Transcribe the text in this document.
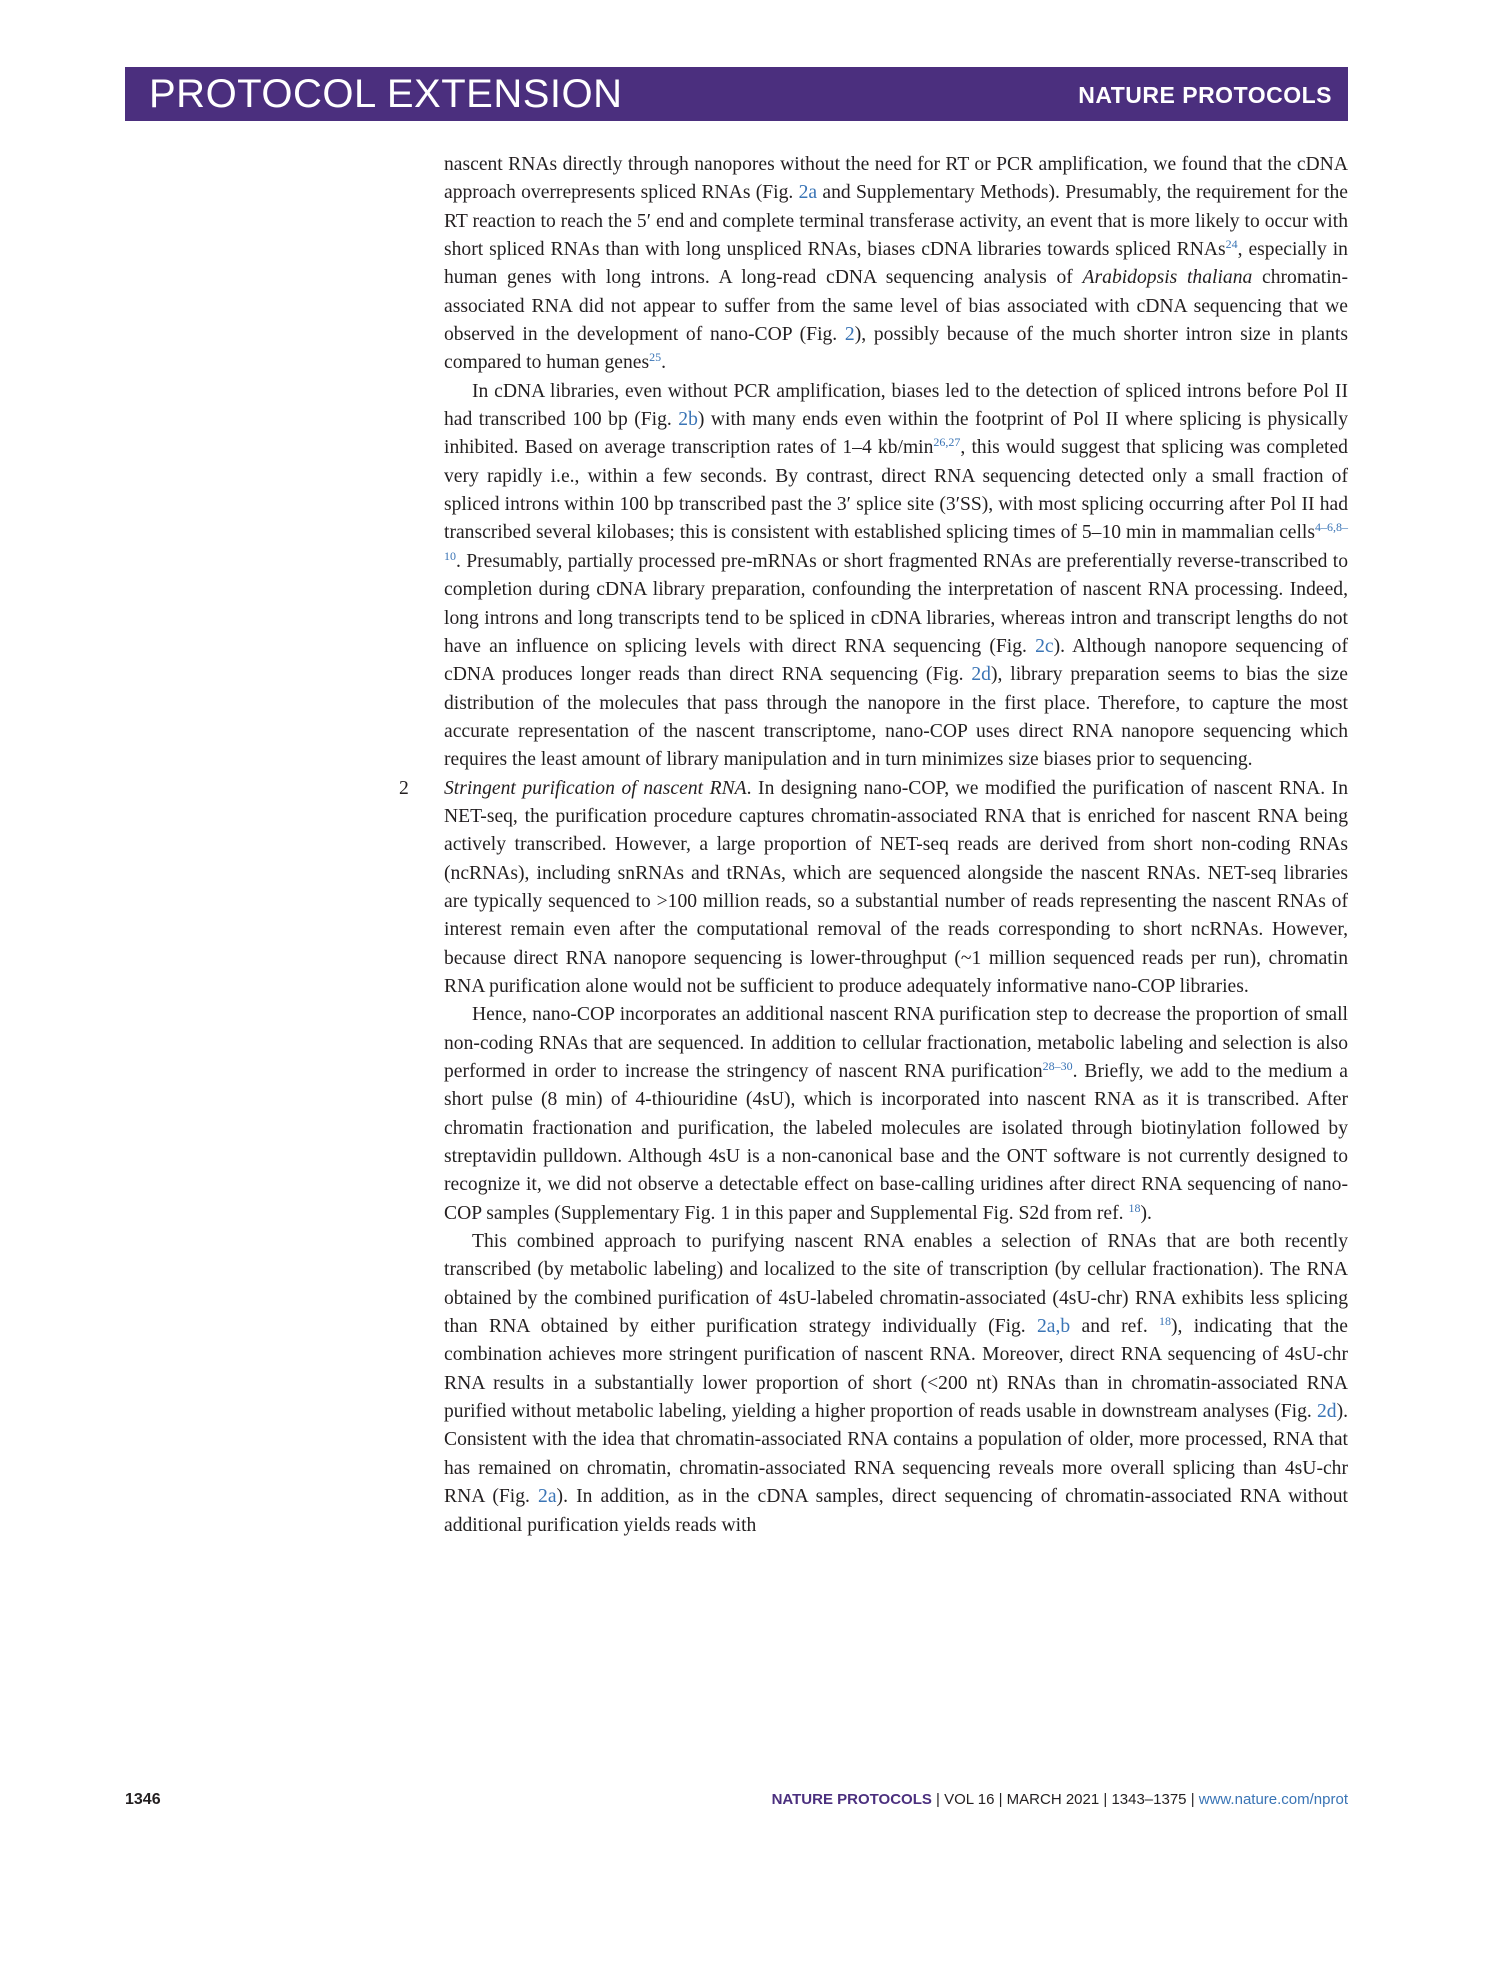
PROTOCOL EXTENSION	NATURE PROTOCOLS

nascent RNAs directly through nanopores without the need for RT or PCR amplification, we found that the cDNA approach overrepresents spliced RNAs (Fig. 2a and Supplementary Methods). Presumably, the requirement for the RT reaction to reach the 5′ end and complete terminal transferase activity, an event that is more likely to occur with short spliced RNAs than with long unspliced RNAs, biases cDNA libraries towards spliced RNAs$^{24}$, especially in human genes with long introns. A long-read cDNA sequencing analysis of Arabidopsis thaliana chromatin-associated RNA did not appear to suffer from the same level of bias associated with cDNA sequencing that we observed in the development of nano-COP (Fig. 2), possibly because of the much shorter intron size in plants compared to human genes$^{25}$.

In cDNA libraries, even without PCR amplification, biases led to the detection of spliced introns before Pol II had transcribed 100 bp (Fig. 2b) with many ends even within the footprint of Pol II where splicing is physically inhibited. Based on average transcription rates of 1–4 $kb/\min^{26,27}$, this would suggest that splicing was completed very rapidly i.e., within a few seconds. By contrast, direct RNA sequencing detected only a small fraction of spliced introns within 100 bp transcribed past the 3′ splice site (3′SS), with most splicing occurring after Pol II had transcribed several kilobases; this is consistent with established splicing times of 5–10 min in mammalian cells$^{4-6,8-10}$. Presumably, partially processed pre-mRNAs or short fragmented RNAs are preferentially reverse-transcribed to completion during cDNA library preparation, confounding the interpretation of nascent RNA processing. Indeed, long introns and long transcripts tend to be spliced in cDNA libraries, whereas intron and transcript lengths do not have an influence on splicing levels with direct RNA sequencing (Fig. 2c). Although nanopore sequencing of cDNA produces longer reads than direct RNA sequencing (Fig. 2d), library preparation seems to bias the size distribution of the molecules that pass through the nanopore in the first place. Therefore, to capture the most accurate representation of the nascent transcriptome, nano-COP uses direct RNA nanopore sequencing which requires the least amount of library manipulation and in turn minimizes size biases prior to sequencing.

2 Stringent purification of nascent RNA. In designing nano-COP, we modified the purification of nascent RNA. In NET-seq, the purification procedure captures chromatin-associated RNA that is enriched for nascent RNA being actively transcribed. However, a large proportion of NET-seq reads are derived from short non-coding RNAs (ncRNAs), including snRNAs and tRNAs, which are sequenced alongside the nascent RNAs. NET-seq libraries are typically sequenced to >100 million reads, so a substantial number of reads representing the nascent RNAs of interest remain even after the computational removal of the reads corresponding to short ncRNAs. However, because direct RNA nanopore sequencing is lower-throughput (~1 million sequenced reads per run), chromatin RNA purification alone would not be sufficient to produce adequately informative nano-COP libraries.

Hence, nano-COP incorporates an additional nascent RNA purification step to decrease the proportion of small non-coding RNAs that are sequenced. In addition to cellular fractionation, metabolic labeling and selection is also performed in order to increase the stringency of nascent RNA purification$^{28-30}$. Briefly, we add to the medium a short pulse (8 min) of 4-thiouridine (4sU), which is incorporated into nascent RNA as it is transcribed. After chromatin fractionation and purification, the labeled molecules are isolated through biotinylation followed by streptavidin pulldown. Although 4sU is a non-canonical base and the ONT software is not currently designed to recognize it, we did not observe a detectable effect on base-calling uridines after direct RNA sequencing of nano-COP samples (Supplementary Fig. 1 in this paper and Supplemental Fig. S2d from ref. $^{18}$).

This combined approach to purifying nascent RNA enables a selection of RNAs that are both recently transcribed (by metabolic labeling) and localized to the site of transcription (by cellular fractionation). The RNA obtained by the combined purification of 4sU-labeled chromatin-associated (4sU-chr) RNA exhibits less splicing than RNA obtained by either purification strategy individually (Fig. 2a,b and ref. $^{18}$), indicating that the combination achieves more stringent purification of nascent RNA. Moreover, direct RNA sequencing of 4sU-chr RNA results in a substantially lower proportion of short (<200 nt) RNAs than in chromatin-associated RNA purified without metabolic labeling, yielding a higher proportion of reads usable in downstream analyses (Fig. 2d). Consistent with the idea that chromatin-associated RNA contains a population of older, more processed, RNA that has remained on chromatin, chromatin-associated RNA sequencing reveals more overall splicing than 4sU-chr RNA (Fig. 2a). In addition, as in the cDNA samples, direct sequencing of chromatin-associated RNA without additional purification yields reads with

1346	NATURE PROTOCOLS | VOL 16 | MARCH 2021 | 1343–1375 | www.nature.com/nprot
